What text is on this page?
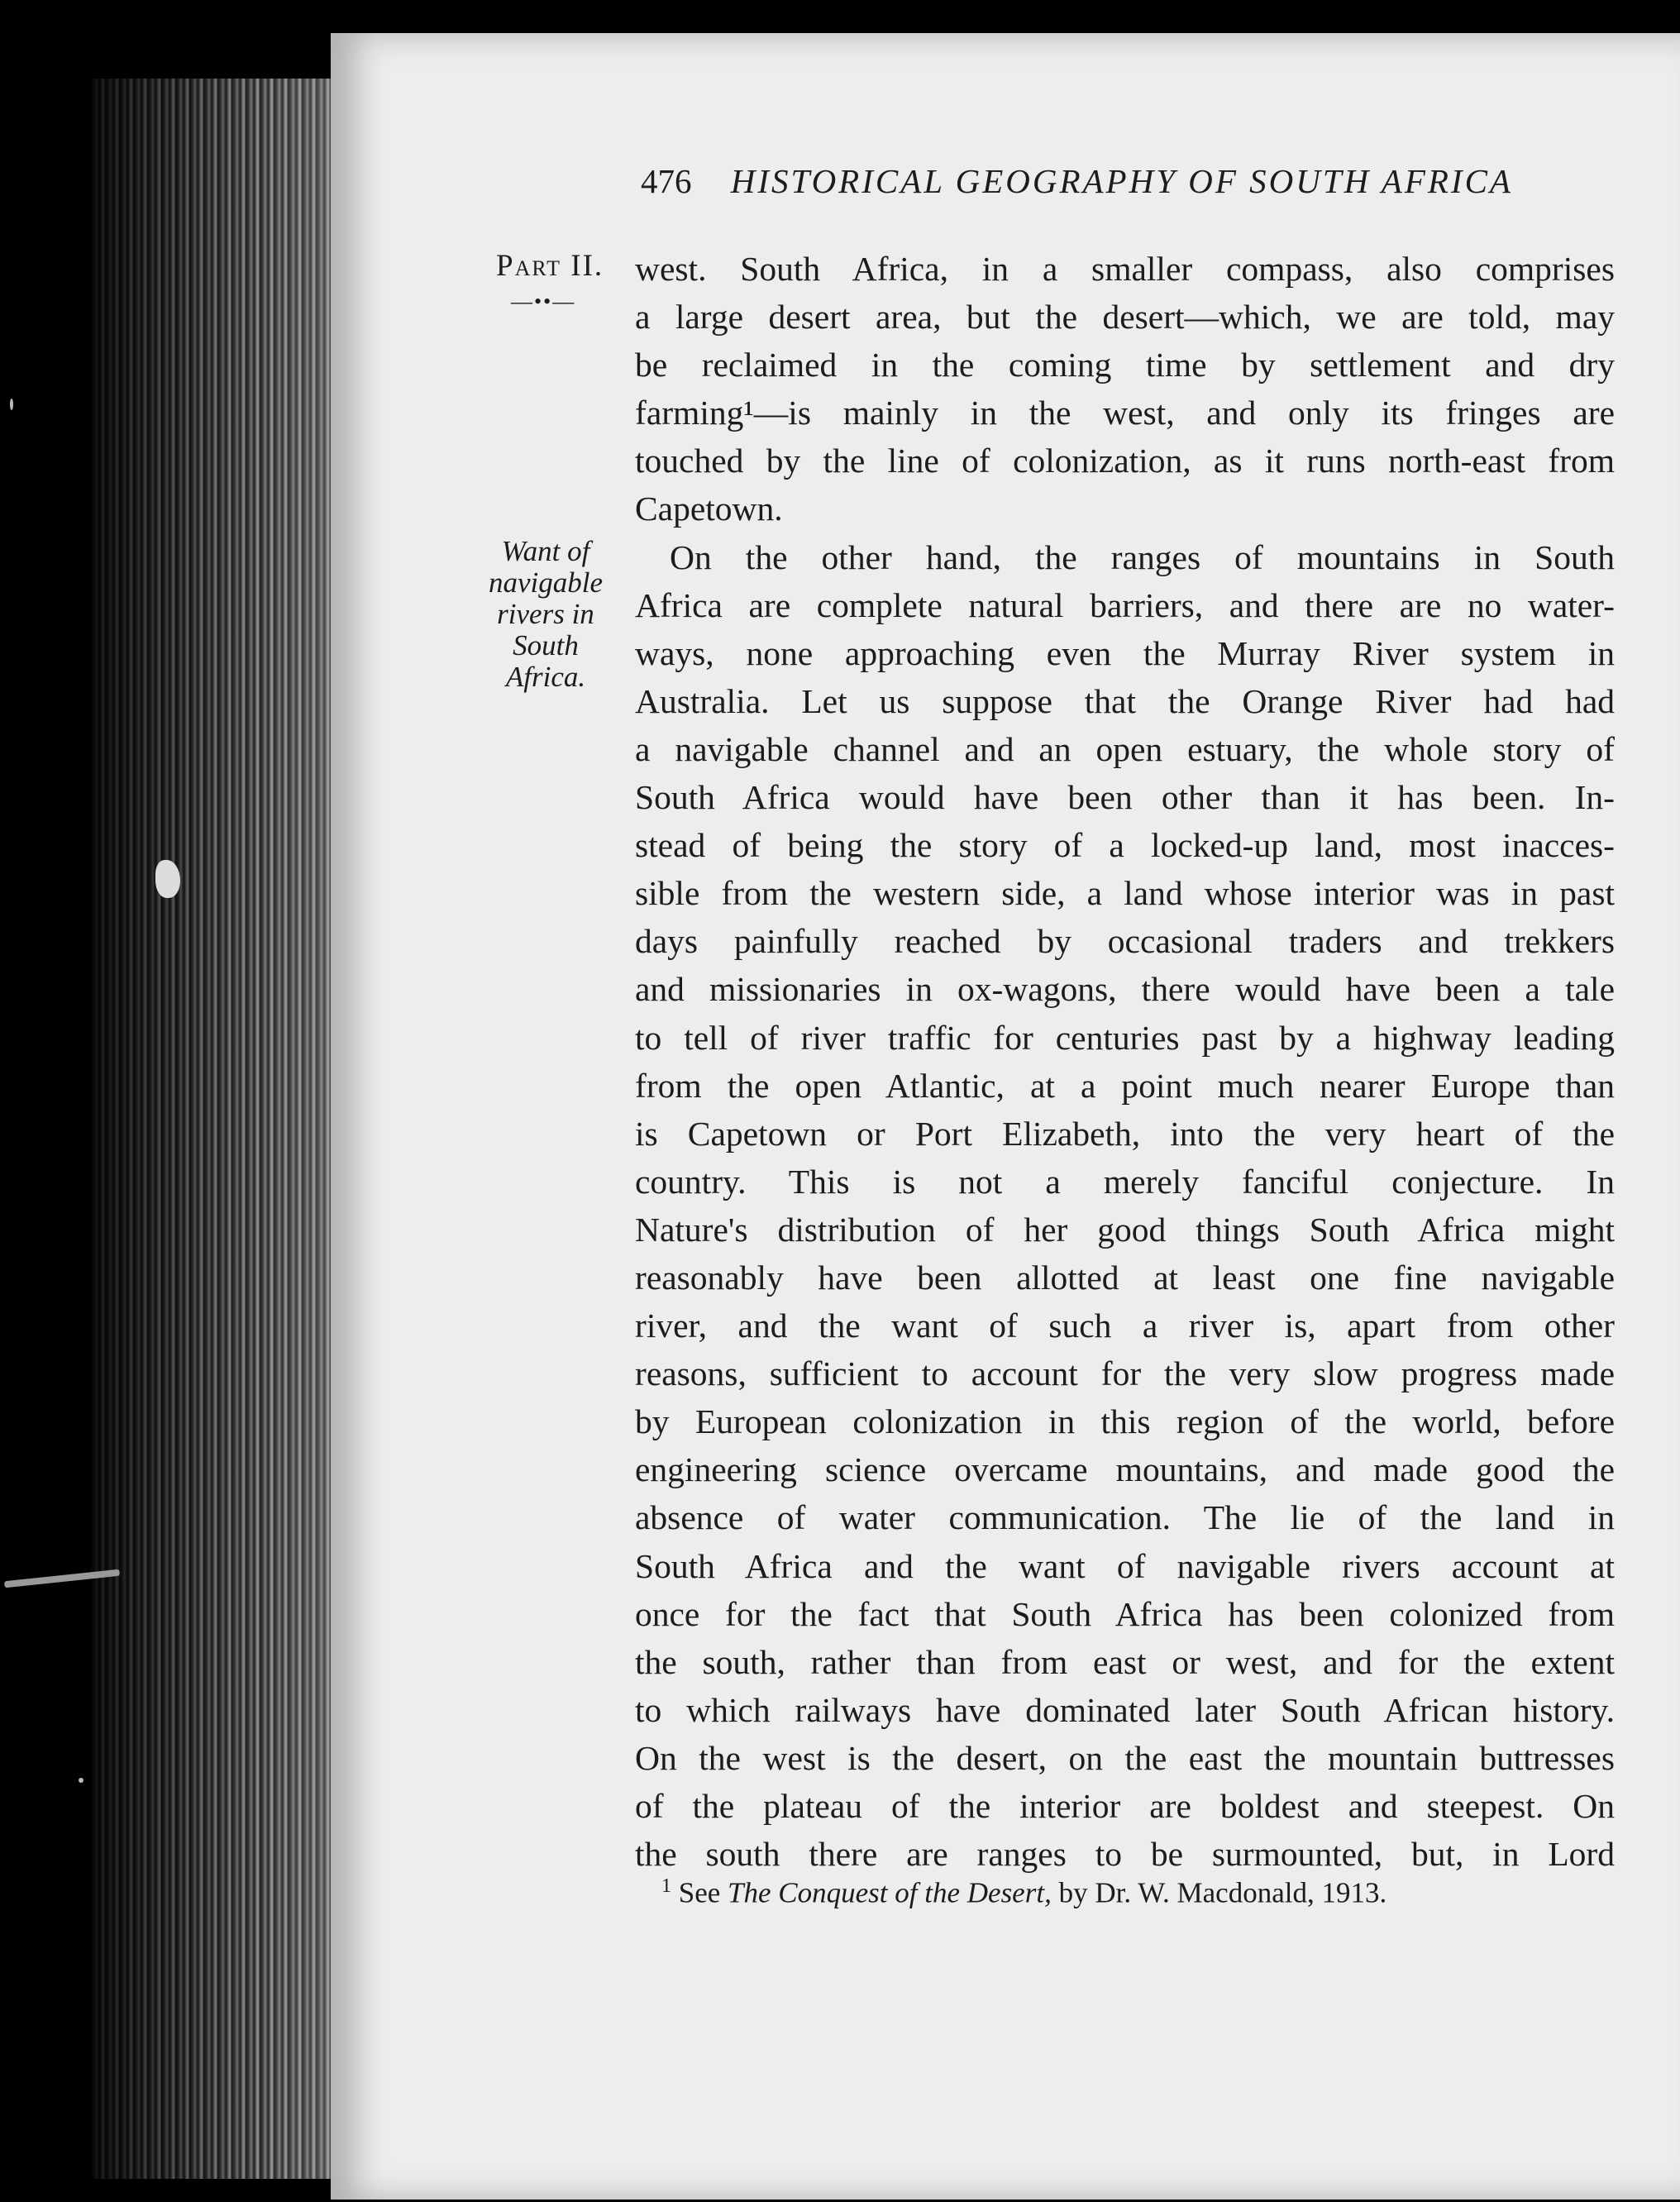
476 HISTORICAL GEOGRAPHY OF SOUTH AFRICA
Part II.
—••—
Want of
navigable
rivers in
South
Africa.
west. South Africa, in a smaller compass, also comprises
a large desert area, but the desert—which, we are told, may
be reclaimed in the coming time by settlement and dry
farming¹—is mainly in the west, and only its fringes are
touched by the line of colonization, as it runs north-east from
Capetown.
On the other hand, the ranges of mountains in South
Africa are complete natural barriers, and there are no water-
ways, none approaching even the Murray River system in
Australia. Let us suppose that the Orange River had had
a navigable channel and an open estuary, the whole story of
South Africa would have been other than it has been. In-
stead of being the story of a locked-up land, most inacces-
sible from the western side, a land whose interior was in past
days painfully reached by occasional traders and trekkers
and missionaries in ox-wagons, there would have been a tale
to tell of river traffic for centuries past by a highway leading
from the open Atlantic, at a point much nearer Europe than
is Capetown or Port Elizabeth, into the very heart of the
country. This is not a merely fanciful conjecture. In
Nature's distribution of her good things South Africa might
reasonably have been allotted at least one fine navigable
river, and the want of such a river is, apart from other
reasons, sufficient to account for the very slow progress made
by European colonization in this region of the world, before
engineering science overcame mountains, and made good the
absence of water communication. The lie of the land in
South Africa and the want of navigable rivers account at
once for the fact that South Africa has been colonized from
the south, rather than from east or west, and for the extent
to which railways have dominated later South African history.
On the west is the desert, on the east the mountain buttresses
of the plateau of the interior are boldest and steepest. On
the south there are ranges to be surmounted, but, in Lord
$^1$ See The Conquest of the Desert, by Dr. W. Macdonald, 1913.
